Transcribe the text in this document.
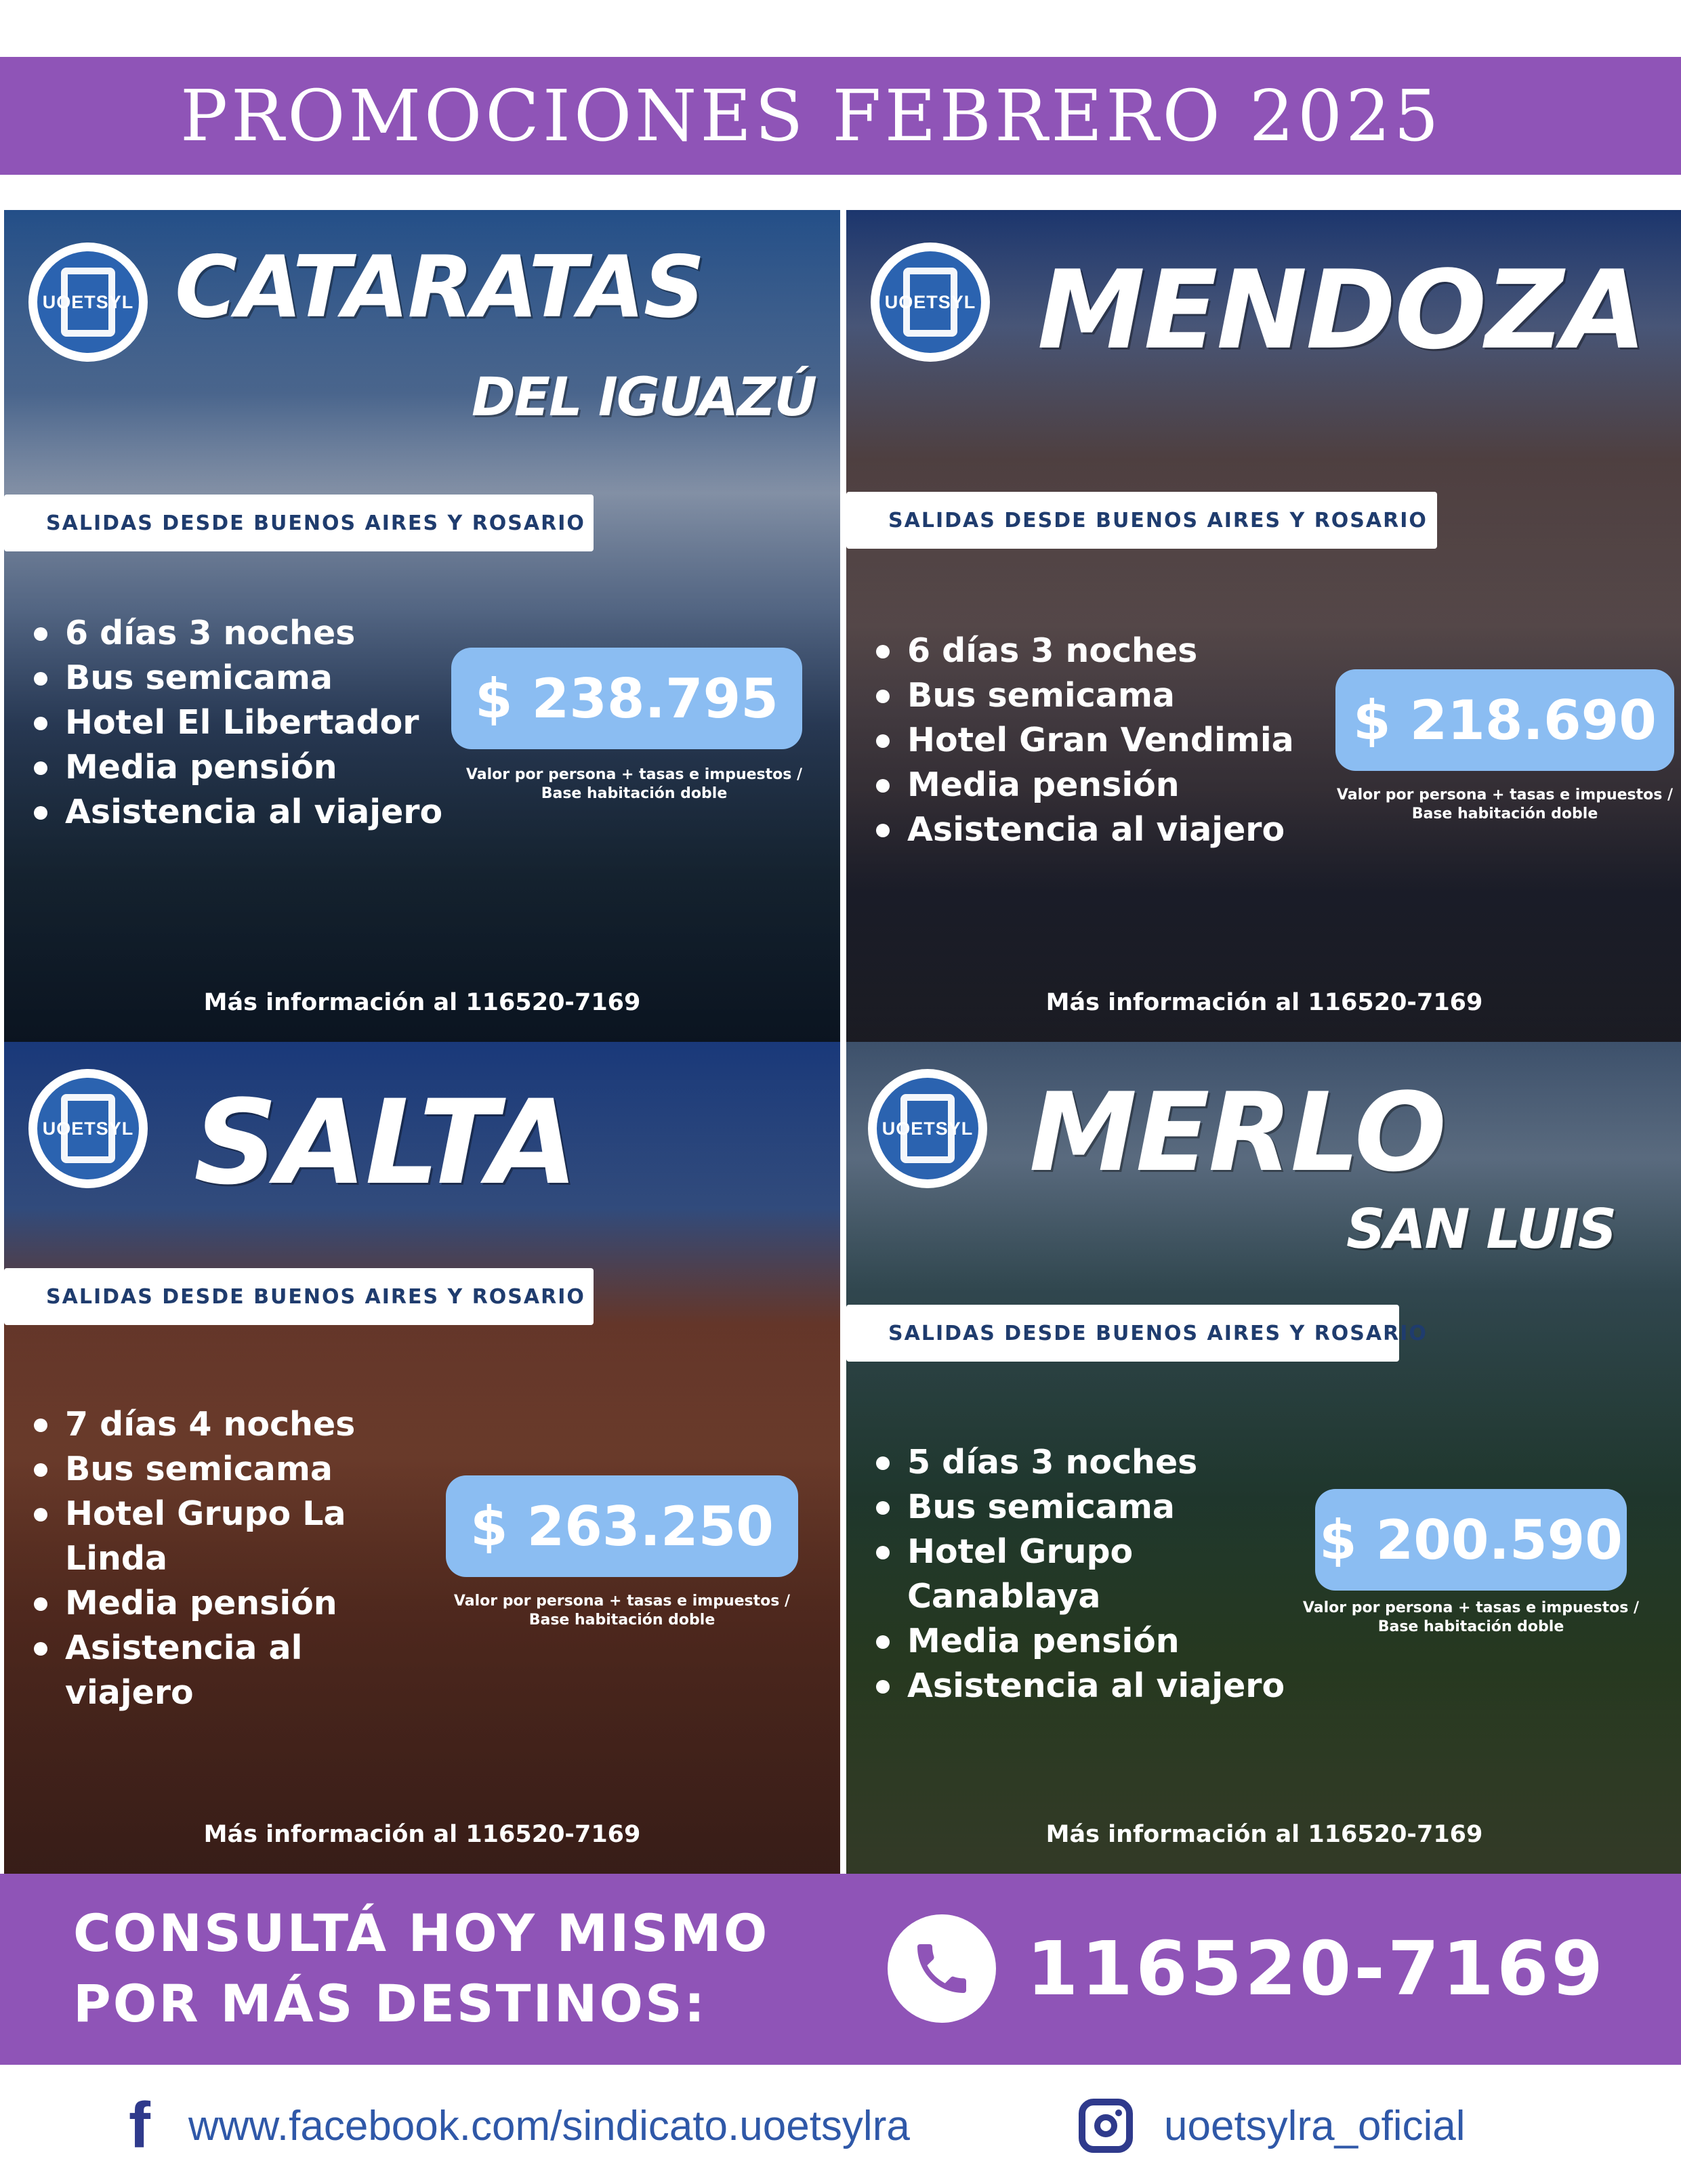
PROMOCIONES FEBRERO 2025
UOETSYL CATARATAS
DEL IGUAZÚ
SALIDAS DESDE BUENOS AIRES Y ROSARIO
6 días 3 noches
Bus semicama
Hotel El Libertador
Media pensión
Asistencia al viajero
$ 238.795
Valor por persona + tasas e impuestos / Base habitación doble
Más información al 116520-7169
UOETSYL MENDOZA
SALIDAS DESDE BUENOS AIRES Y ROSARIO
6 días 3 noches
Bus semicama
Hotel Gran Vendimia
Media pensión
Asistencia al viajero
$ 218.690
Valor por persona + tasas e impuestos / Base habitación doble
Más información al 116520-7169
UOETSYL SALTA
SALIDAS DESDE BUENOS AIRES Y ROSARIO
7 días 4 noches
Bus semicama
Hotel Grupo La Linda
Media pensión
Asistencia al viajero
$ 263.250
Valor por persona + tasas e impuestos / Base habitación doble
Más información al 116520-7169
UOETSYL MERLO
SAN LUIS
SALIDAS DESDE BUENOS AIRES Y ROSARIO
5 días 3 noches
Bus semicama
Hotel Grupo Canablaya
Media pensión
Asistencia al viajero
$ 200.590
Valor por persona + tasas e impuestos / Base habitación doble
Más información al 116520-7169
CONSULTÁ HOY MISMO
POR MÁS DESTINOS:	116520-7169
f www.facebook.com/sindicato.uoetsylra	uoetsylra_oficial
